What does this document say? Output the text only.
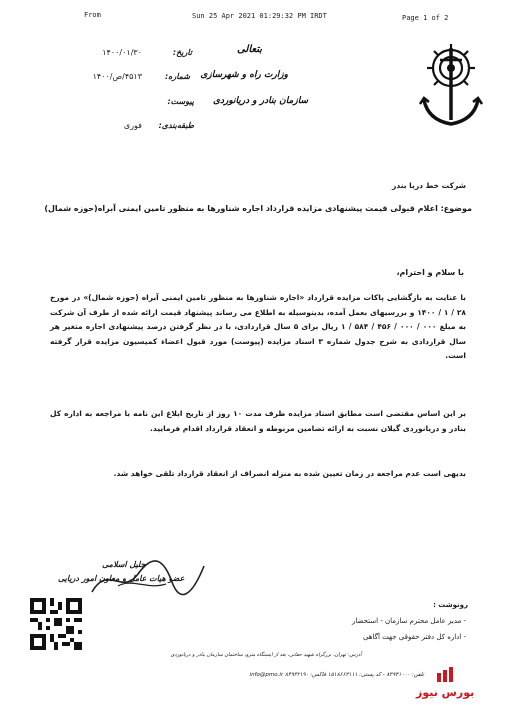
From	Sun 25 Apr 2021 01:29:32 PM IRDT	Page 1 of 2
بتعالی
وزارت راه و شهرسازی
سازمان بنادر و دریانوردی
تاریخ:
۱۴۰۰/۰۱/۳۰
شماره:
۴۵۱۳/ص/۱۴۰۰
پیوست:
طبقه‌بندی:
فوری
شرکت خط دریا بندر
موضوع: اعلام قبولی قیمت پیشنهادی مزایده قرارداد اجاره شناورها به منظور تامین ایمنی آبراه(حوزه شمال)
با سلام و احترام،
با عنایت به بازگشایی پاکات مزایده قرارداد «اجاره شناورها به منظور تامین ایمنی آبراه (حوزه شمال)» در مورخ ۲۸ / ۱ / ۱۴۰۰ و بررسیهای بعمل آمده، بدینوسیله به اطلاع می رساند پیشنهاد قیمت ارائه شده از طرف آن شرکت به مبلغ ۰۰۰ / ۰۰۰ / ۴۵۶ / ۵۸۴ / ۱ ریال برای ۵ سال قراردادی، با در نظر گرفتن درصد پیشنهادی اجاره متغیر هر سال قراردادی به شرح جدول شماره ۳ اسناد مزایده (پیوست) مورد قبول اعضاء کمیسیون مزایده قرار گرفته است.
بر این اساس مقتضی است مطابق اسناد مزایده ظرف مدت ۱۰ روز از تاریخ ابلاغ این نامه با مراجعه به اداره کل بنادر و دریانوردی گیلان نسبت به ارائه تضامین مربوطه و انعقاد قرارداد اقدام فرمایید.
بدیهی است عدم مراجعه در زمان تعیین شده به منزله انصراف از انعقاد قرارداد تلقی خواهد شد.
جلیل اسلامی
عضو هیات عامل و معاون امور دریایی
رونوشت :
- مدیر عامل محترم سازمان - استحضار
- اداره کل دفتر حقوقی جهت آگاهی
آدرس: تهران، بزرگراه شهید حقانی، بعد از ایستگاه مترو، ساختمان سازمان بنادر و دریانوردی
تلفن: ۸۴۹۳۱۰۰۰ - کد پستی: ۱۵۱۸۶۶۳۱۱۱ فاکس: ۸۴۹۳۲۱۹۰ info@pmo.ir
بورس نیوز
